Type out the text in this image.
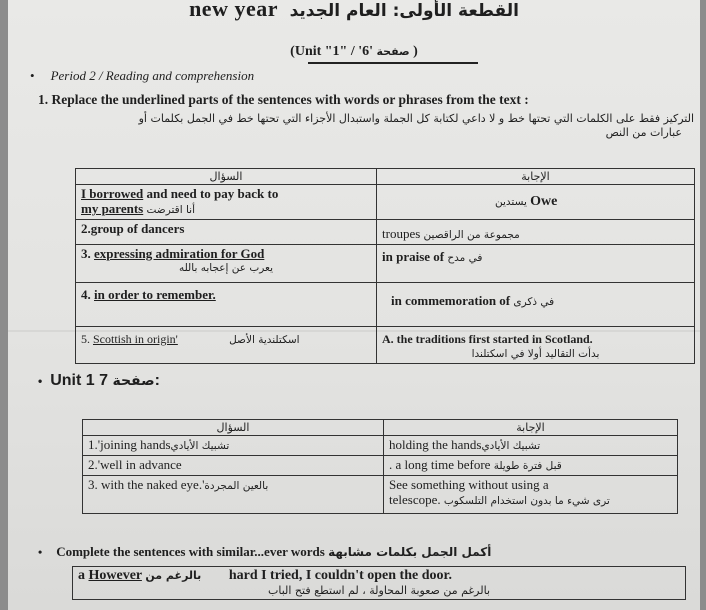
new year القطعة الأولى: العام الجديد
(Unit "1" / '6' صفحة )
• Period 2 / Reading and comprehension
1. Replace the underlined parts of the sentences with words or phrases from the text :
التركيز فقط على الكلمات التي تحتها خط و لا داعي لكتابة كل الجملة واستبدال الأجزاء التي تحتها خط في الجمل بكلمات أو
عبارات من النص
السؤال	الإجابة
I borrowed and need to pay back to
my parents أنا اقترضت	يستدين Owe
2.group of dancers	troupes مجموعة من الراقصين
3. expressing admiration for God

يعرب عن إعجابه بالله	in praise of في مدح
4. in order to remember.	in commemoration of في ذكرى
5. Scottish in origin' اسكتلندية الأصل	A. the traditions first started in Scotland.

بدأت التقاليد أولا في اسكتلندا
• Unit 1 صفحة 7:
السؤال	الإجابة
1.'joining handsتشبيك الأيادي	holding the handsتشبيك الأيادي
2.'well in advance	. a long time before قبل فترة طويلة
3. with the naked eye.'بالعين المجردة	See something without using a
telescope. ترى شيء ما بدون استخدام التلسكوب
• Complete the sentences with similar...ever words أكمل الجمل بكلمات مشابهة
a However بالرغم من hard I tried, I couldn't open the door.

بالرغم من صعوبة المحاولة ، لم استطع فتح الباب
